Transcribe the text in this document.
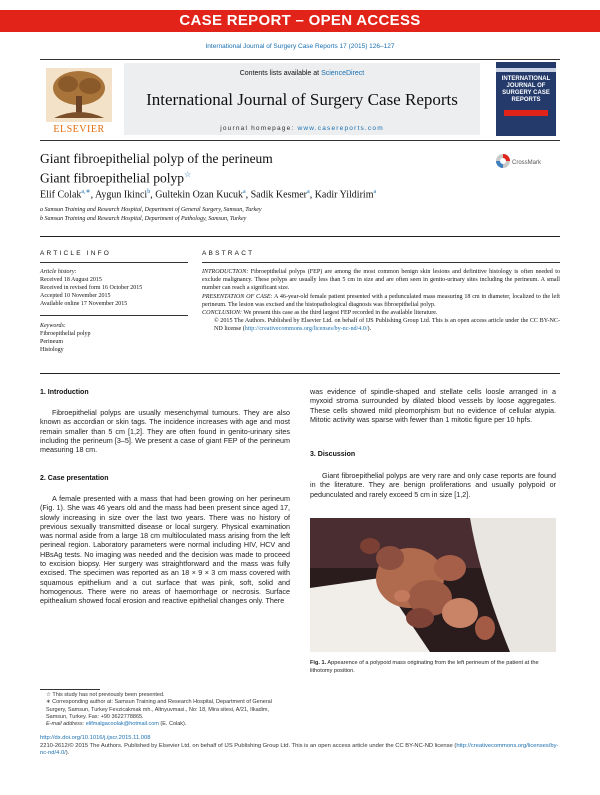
CASE REPORT – OPEN ACCESS
International Journal of Surgery Case Reports 17 (2015) 126–127
Contents lists available at ScienceDirect
International Journal of Surgery Case Reports
journal homepage: www.casereports.com
ELSEVIER
INTERNATIONAL JOURNAL OF SURGERY CASE REPORTS
Giant fibroepithelial polyp of the perineum
Giant fibroepithelial polyp☆
CrossMark
Elif Colak$^{a,∗}$, Aygun Ikinci$^b$, Gultekin Ozan Kucuk$^a$, Sadik Kesmer$^a$, Kadir Yildirim$^a$
a Samsun Training and Research Hospital, Department of General Surgery, Samsun, Turkey
b Samsun Training and Research Hospital, Department of Pathology, Samsun, Turkey
ARTICLE INFO	ABSTRACT
Article history:
Received 18 August 2015
Received in revised form 16 October 2015
Accepted 10 November 2015
Available online 17 November 2015
Keywords:
Fibroepithelial polyp
Perineum
Histology
INTRODUCTION: Fibroepithelial polyps (FEP) are among the most common benign skin lesions and definitive histology is often needed to exclude malignancy. These polyps are usually less than 5 cm in size and are often seen in genito-urinary sites including the perineum. A small number can reach a significant size.
PRESENTATION OF CASE: A 46-year-old female patient presented with a pedunculated mass measuring 18 cm in diameter, localized to the left perineum. The lesion was excised and the histopathological diagnosis was fibroepithelial polyp.
CONCLUSION: We present this case as the third largest FEP recorded in the available literature.
© 2015 The Authors. Published by Elsevier Ltd. on behalf of IJS Publishing Group Ltd. This is an open access article under the CC BY-NC-ND license (http://creativecommons.org/licenses/by-nc-nd/4.0/).
1. Introduction
Fibroepithelial polyps are usually mesenchymal tumours. They are also known as accordian or skin tags. The incidence increases with age and most remain smaller than 5 cm [1,2]. They are often found in genito-urinary sites including the perineum [3–5]. We present a case of giant FEP of the perineum measuring 18 cm.
2. Case presentation
A female presented with a mass that had been growing on her perineum (Fig. 1). She was 46 years old and the mass had been present since aged 17, slowly increasing in size over the last two years. There was no history of previous sexually transmitted disease or local surgery. Physical examination was normal aside from a large 18 cm multiloculated mass arising from the left perineal region. Laboratory parameters were normal including HIV, HCV and HBsAg tests. No imaging was needed and the decision was made to proceed to excision biopsy. Her surgery was straightforward and the mass was fully excised. The specimen was reported as an 18 × 9 × 3 cm mass covered with squamous epithelium and a cut surface that was pink, soft, solid and homogenous. There were no areas of haemorrhage or necrosis. Surface epithealium showed focal erosion and reactive epithelial changes only. There
was evidence of spindle-shaped and stellate cells loosle arranged in a myxoid stroma surrounded by dilated blood vessels by loose aggregates. These cells showed mild pleomorphism but no evidence of cellular atypia. Mitotic activity was sparse with fewer than 1 mitotic figure per 10 hpfs.
3. Discussion
Giant fibroepithelial polyps are very rare and only case reports are found in the literature. They are benign proliferations and usually polypoid or pedunculated and rarely exceed 5 cm in size [1,2].
Fig. 1. Appearence of a polypoid mass originating from the left perineum of the patient at the lithotomy position.
☆ This study has not previously been presented.
∗ Corresponding author at: Samsun Training and Research Hospital, Department of General Surgery, Samsun, Turkey Fevzicakmak mh., Altnyuvmasi., No: 18, Mira sitesi, A/21, Ilkadim, Samsun, Turkey. Fax: +90 3622778865.
E-mail address: elifmalgacoolak@hotmail.com (E. Colak).
http://dx.doi.org/10.1016/j.ijscr.2015.11.008
2210-2612/© 2015 The Authors. Published by Elsevier Ltd. on behalf of IJS Publishing Group Ltd. This is an open access article under the CC BY-NC-ND license (http://creativecommons.org/licenses/by-nc-nd/4.0/).
